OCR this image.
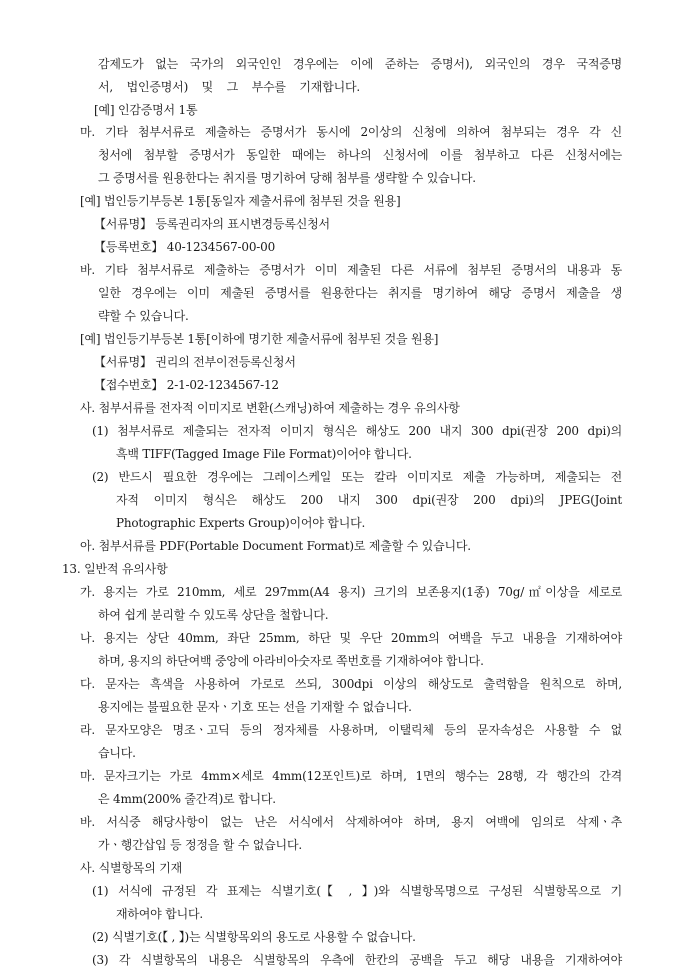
감제도가 없는 국가의 외국인인 경우에는 이에 준하는 증명서), 외국인의 경우 국적증명
서, 법인증명서) 및 그 부수를 기재합니다.
[예] 인감증명서 1통
마. 기타 첨부서류로 제출하는 증명서가 동시에 2이상의 신청에 의하여 첨부되는 경우 각 신
청서에 첨부할 증명서가 동일한 때에는 하나의 신청서에 이를 첨부하고 다른 신청서에는
그 증명서를 원용한다는 취지를 명기하여 당해 첨부를 생략할 수 있습니다.
[예] 법인등기부등본 1통[동일자 제출서류에 첨부된 것을 원용]
【서류명】 등록권리자의 표시변경등록신청서
【등록번호】 40-1234567-00-00
바. 기타 첨부서류로 제출하는 증명서가 이미 제출된 다른 서류에 첨부된 증명서의 내용과 동
일한 경우에는 이미 제출된 증명서를 원용한다는 취지를 명기하여 해당 증명서 제출을 생
략할 수 있습니다.
[예] 법인등기부등본 1통[이하에 명기한 제출서류에 첨부된 것을 원용]
【서류명】 권리의 전부이전등록신청서
【접수번호】 2-1-02-1234567-12
사. 첨부서류를 전자적 이미지로 변환(스캐닝)하여 제출하는 경우 유의사항
(1) 첨부서류로 제출되는 전자적 이미지 형식은 해상도 200 내지 300 dpi(권장 200 dpi)의
흑백 TIFF(Tagged Image File Format)이어야 합니다.
(2) 반드시 필요한 경우에는 그레이스케일 또는 칼라 이미지로 제출 가능하며, 제출되는 전
자적 이미지 형식은 해상도 200 내지 300 dpi(권장 200 dpi)의 JPEG(Joint
Photographic Experts Group)이어야 합니다.
아. 첨부서류를 PDF(Portable Document Format)로 제출할 수 있습니다.
13. 일반적 유의사항
가. 용지는 가로 210mm, 세로 297mm(A4 용지) 크기의 보존용지(1종) 70g/㎡이상을 세로로
하여 쉽게 분리할 수 있도록 상단을 철합니다.
나. 용지는 상단 40mm, 좌단 25mm, 하단 및 우단 20mm의 여백을 두고 내용을 기재하여야
하며, 용지의 하단여백 중앙에 아라비아숫자로 쪽번호를 기재하여야 합니다.
다. 문자는 흑색을 사용하여 가로로 쓰되, 300dpi 이상의 해상도로 출력함을 원칙으로 하며,
용지에는 불필요한 문자ㆍ기호 또는 선을 기재할 수 없습니다.
라. 문자모양은 명조ㆍ고딕 등의 정자체를 사용하며, 이탤릭체 등의 문자속성은 사용할 수 없
습니다.
마. 문자크기는 가로 4mm×세로 4mm(12포인트)로 하며, 1면의 행수는 28행, 각 행간의 간격
은 4mm(200% 줄간격)로 합니다.
바. 서식중 해당사항이 없는 난은 서식에서 삭제하여야 하며, 용지 여백에 임의로 삭제ㆍ추
가ㆍ행간삽입 등 정정을 할 수 없습니다.
사. 식별항목의 기재
(1) 서식에 규정된 각 표제는 식별기호(【 , 】)와 식별항목명으로 구성된 식별항목으로 기
재하여야 합니다.
(2) 식별기호(【 , 】)는 식별항목외의 용도로 사용할 수 없습니다.
(3) 각 식별항목의 내용은 식별항목의 우측에 한칸의 공백을 두고 해당 내용을 기재하여야
